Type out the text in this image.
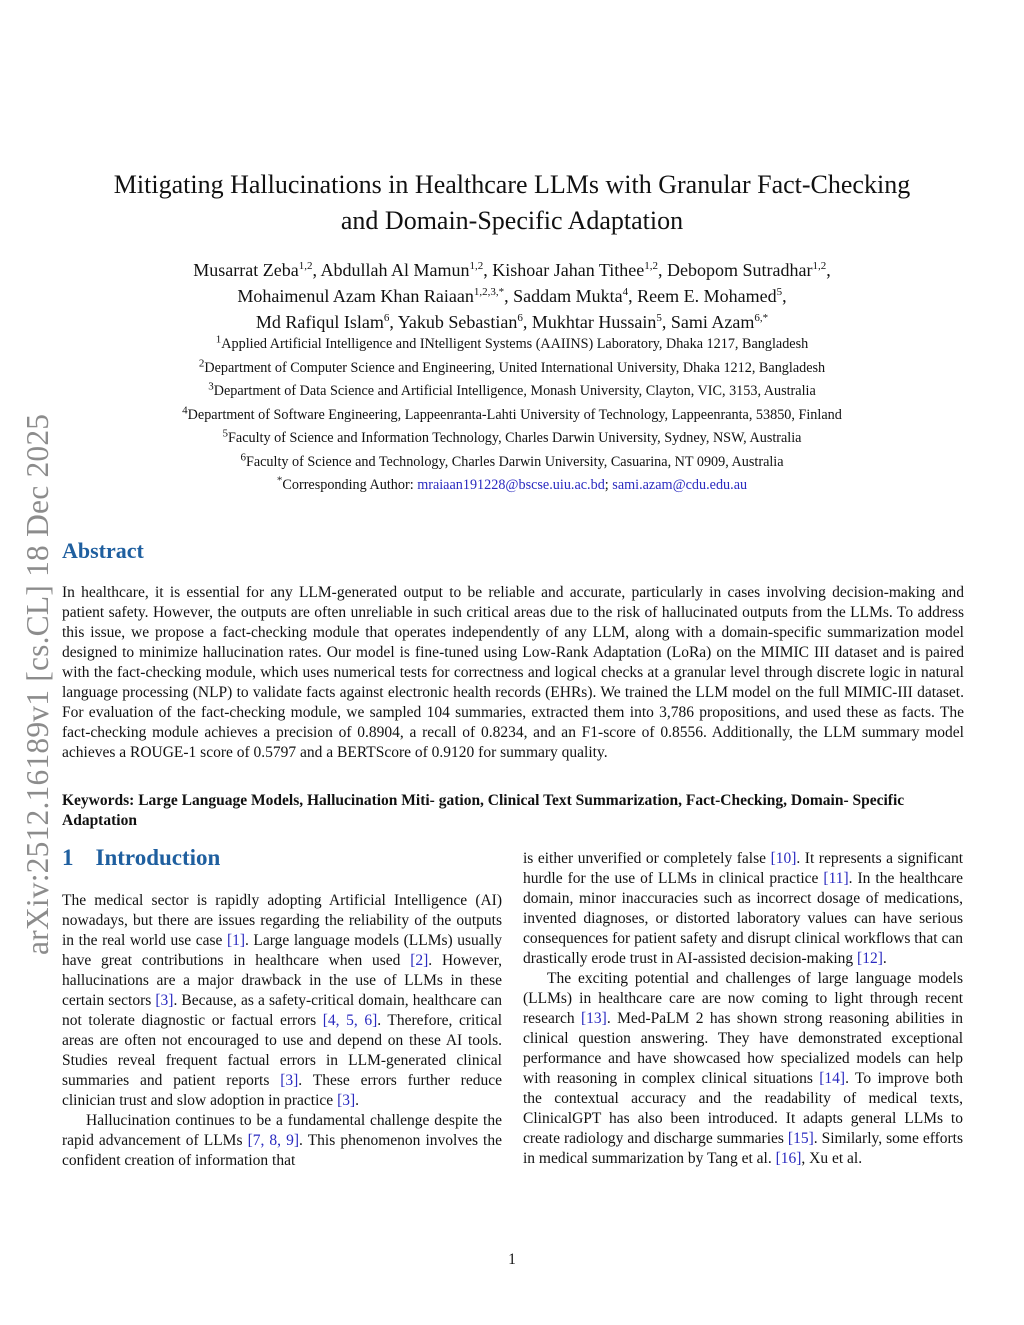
arXiv:2512.16189v1 [cs.CL] 18 Dec 2025
Mitigating Hallucinations in Healthcare LLMs with Granular Fact-Checking
and Domain-Specific Adaptation
Musarrat Zeba$^{1,2}$, Abdullah Al Mamun$^{1,2}$, Kishoar Jahan Tithee$^{1,2}$, Debopom Sutradhar$^{1,2}$,
Mohaimenul Azam Khan Raiaan$^{1,2,3,*}$, Saddam Mukta$^4$, Reem E. Mohamed$^5$,
Md Rafiqul Islam$^6$, Yakub Sebastian$^6$, Mukhtar Hussain$^5$, Sami Azam$^{6,*}$
$^1$Applied Artificial Intelligence and INtelligent Systems (AAIINS) Laboratory, Dhaka 1217, Bangladesh
$^2$Department of Computer Science and Engineering, United International University, Dhaka 1212, Bangladesh
$^3$Department of Data Science and Artificial Intelligence, Monash University, Clayton, VIC, 3153, Australia
$^4$Department of Software Engineering, Lappeenranta-Lahti University of Technology, Lappeenranta, 53850, Finland
$^5$Faculty of Science and Information Technology, Charles Darwin University, Sydney, NSW, Australia
$^6$Faculty of Science and Technology, Charles Darwin University, Casuarina, NT 0909, Australia
*Corresponding Author: mraiaan191228@bscse.uiu.ac.bd; sami.azam@cdu.edu.au
Abstract
In healthcare, it is essential for any LLM-generated output to be reliable and accurate, particularly in cases involving decision-making and patient safety. However, the outputs are often unreliable in such critical areas due to the risk of hallucinated outputs from the LLMs. To address this issue, we propose a fact-checking module that operates independently of any LLM, along with a domain-specific summarization model designed to minimize hallucination rates. Our model is fine-tuned using Low-Rank Adaptation (LoRa) on the MIMIC III dataset and is paired with the fact-checking module, which uses numerical tests for correctness and logical checks at a granular level through discrete logic in natural language processing (NLP) to validate facts against electronic health records (EHRs). We trained the LLM model on the full MIMIC-III dataset. For evaluation of the fact-checking module, we sampled 104 summaries, extracted them into 3,786 propositions, and used these as facts. The fact-checking module achieves a precision of 0.8904, a recall of 0.8234, and an F1-score of 0.8556. Additionally, the LLM summary model achieves a ROUGE-1 score of 0.5797 and a BERTScore of 0.9120 for summary quality.
Keywords: Large Language Models, Hallucination Miti- gation, Clinical Text Summarization, Fact-Checking, Domain- Specific Adaptation
1 Introduction

The medical sector is rapidly adopting Artificial Intelligence (AI) nowadays, but there are issues regarding the reliability of the outputs in the real world use case [1]. Large language models (LLMs) usually have great contributions in healthcare when used [2]. However, hallucinations are a major drawback in the use of LLMs in these certain sectors [3]. Because, as a safety-critical domain, healthcare can not tolerate diagnostic or factual errors [4, 5, 6]. Therefore, critical areas are often not encouraged to use and depend on these AI tools. Studies reveal frequent factual errors in LLM-generated clinical summaries and patient reports [3]. These errors further reduce clinician trust and slow adoption in practice [3].

Hallucination continues to be a fundamental challenge despite the rapid advancement of LLMs [7, 8, 9]. This phenomenon involves the confident creation of information that

is either unverified or completely false [10]. It represents a significant hurdle for the use of LLMs in clinical practice [11]. In the healthcare domain, minor inaccuracies such as incorrect dosage of medications, invented diagnoses, or distorted laboratory values can have serious consequences for patient safety and disrupt clinical workflows that can drastically erode trust in AI-assisted decision-making [12].

The exciting potential and challenges of large language models (LLMs) in healthcare care are now coming to light through recent research [13]. Med-PaLM 2 has shown strong reasoning abilities in clinical question answering. They have demonstrated exceptional performance and have showcased how specialized models can help with reasoning in complex clinical situations [14]. To improve both the contextual accuracy and the readability of medical texts, ClinicalGPT has also been introduced. It adapts general LLMs to create radiology and discharge summaries [15]. Similarly, some efforts in medical summarization by Tang et al. [16], Xu et al.

1
